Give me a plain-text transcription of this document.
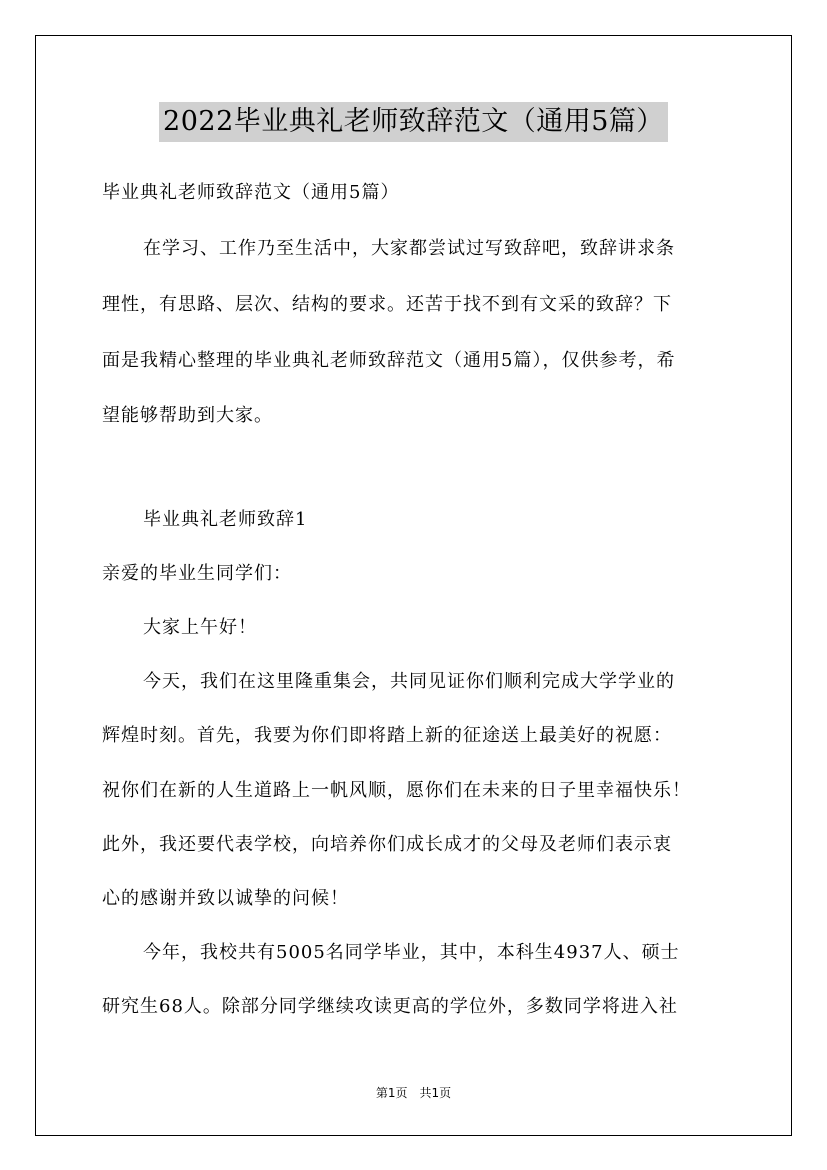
2022毕业典礼老师致辞范文（通用5篇）
毕业典礼老师致辞范文（通用5篇）
在学习、工作乃至生活中，大家都尝试过写致辞吧，致辞讲求条
理性，有思路、层次、结构的要求。还苦于找不到有文采的致辞？下
面是我精心整理的毕业典礼老师致辞范文（通用5篇），仅供参考，希
望能够帮助到大家。
毕业典礼老师致辞1
亲爱的毕业生同学们：
大家上午好！
今天，我们在这里隆重集会，共同见证你们顺利完成大学学业的
辉煌时刻。首先，我要为你们即将踏上新的征途送上最美好的祝愿：
祝你们在新的人生道路上一帆风顺，愿你们在未来的日子里幸福快乐！
此外，我还要代表学校，向培养你们成长成才的父母及老师们表示衷
心的感谢并致以诚挚的问候！
今年，我校共有5005名同学毕业，其中，本科生4937人、硕士
研究生68人。除部分同学继续攻读更高的学位外，多数同学将进入社
第1页　共1页
